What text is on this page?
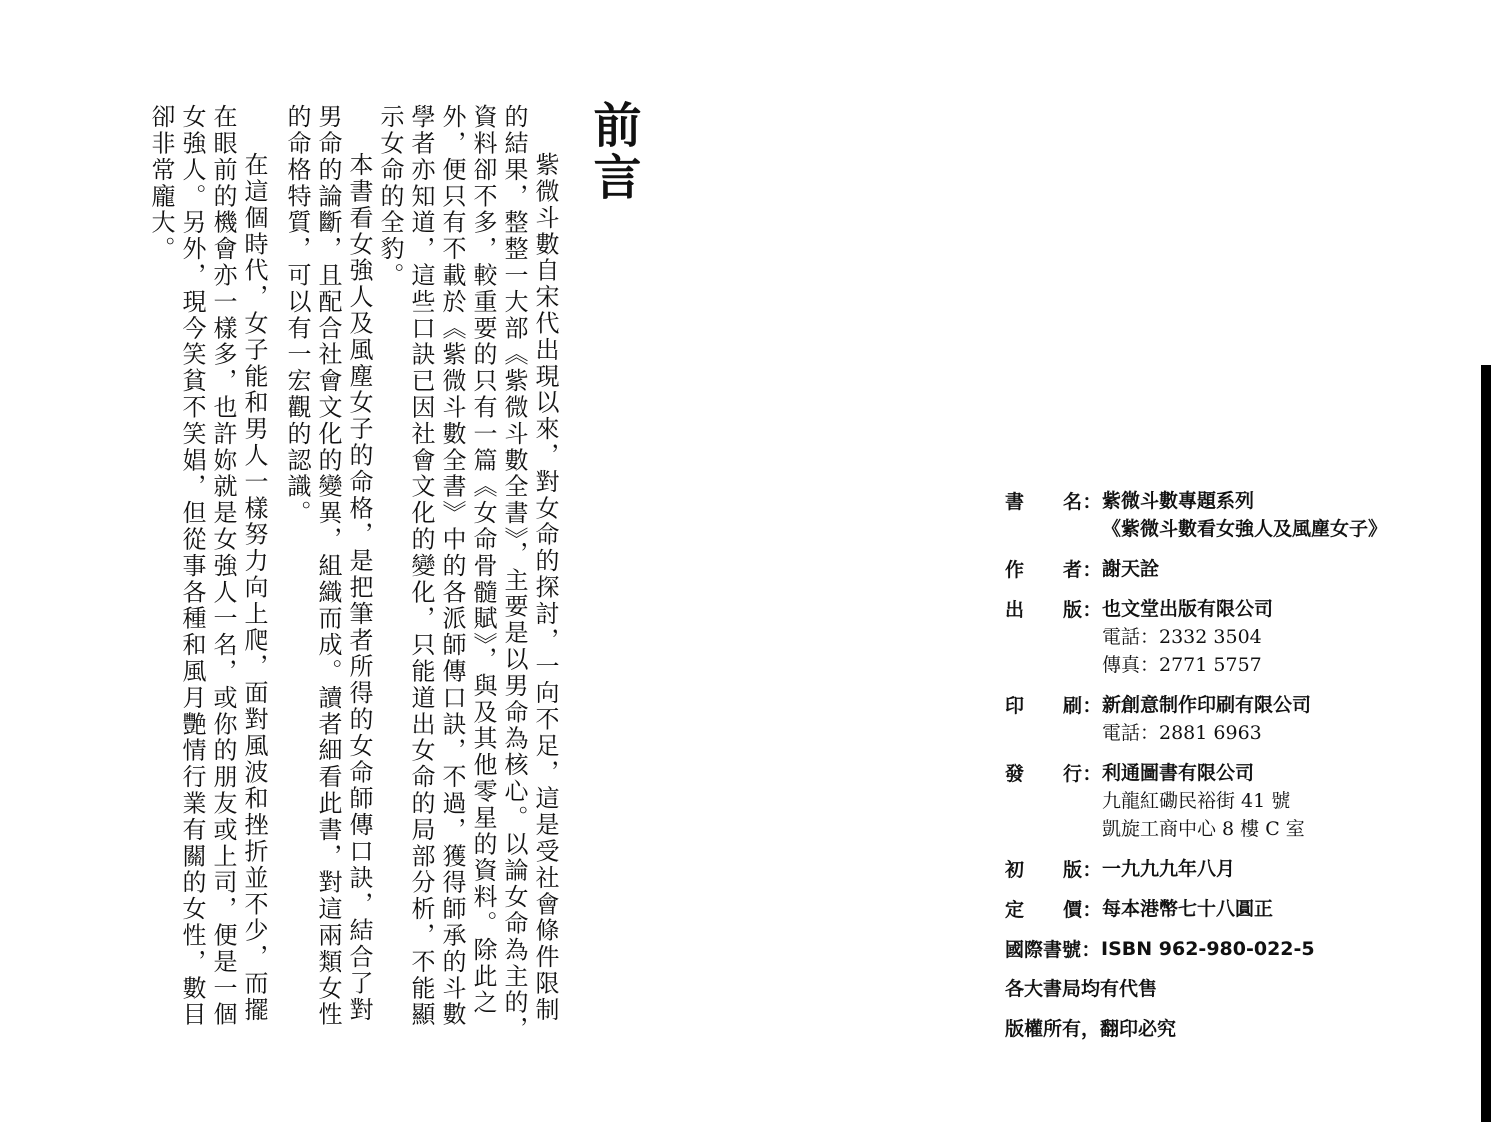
前言

紫微斗數自宋代出現以來，對女命的探討，一向不足，這是受社會條件限制的結果，整整一大部《紫微斗數全書》，主要是以男命為核心。以論女命為主的，資料卻不多，較重要的只有一篇《女命骨髓賦》，與及其他零星的資料。除此之外，便只有不載於《紫微斗數全書》中的各派師傳口訣，不過，獲得師承的斗數學者亦知道，這些口訣已因社會文化的變化，只能道出女命的局部分析，不能顯示女命的全豹。

本書看女強人及風塵女子的命格，是把筆者所得的女命師傳口訣，結合了對男命的論斷，且配合社會文化的變異，組織而成。讀者細看此書，對這兩類女性的命格特質，可以有一宏觀的認識。

在這個時代，女子能和男人一樣努力向上爬，面對風波和挫折並不少，而擺在眼前的機會亦一樣多，也許妳就是女強人一名，或你的朋友或上司，便是一個女強人。另外，現今笑貧不笑娼，但從事各種和風月艷情行業有關的女性，數目卻非常龐大。

書 名 ： 紫微斗數專題系列
《紫微斗數看女強人及風塵女子》
作 者 ： 謝天詮
出 版 ： 也文堂出版有限公司
電話：2332 3504
傳真：2771 5757
印 刷 ： 新創意制作印刷有限公司
電話：2881 6963
發 行 ： 利通圖書有限公司
九龍紅磡民裕街 41 號
凱旋工商中心 8 樓 C 室
初 版 ： 一九九九年八月
定 價 ： 每本港幣七十八圓正
國際書號 ： ISBN 962-980-022-5
各大書局均有代售
版權所有，翻印必究
